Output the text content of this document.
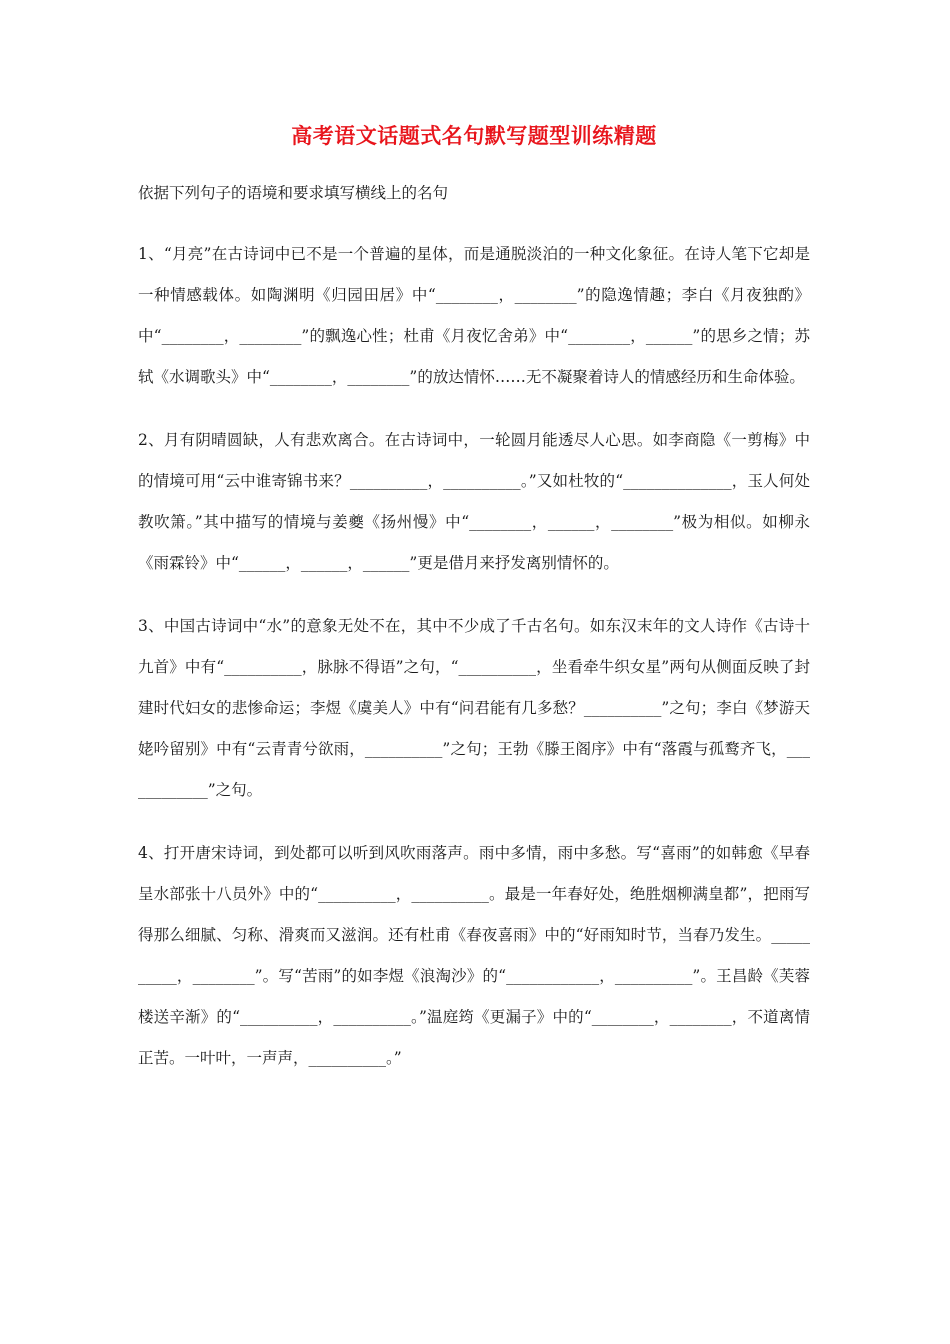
高考语文话题式名句默写题型训练精题
依据下列句子的语境和要求填写横线上的名句
1、“月亮”在古诗词中已不是一个普遍的星体，而是通脱淡泊的一种文化象征。在诗人笔下它却是一种情感载体。如陶渊明《归园田居》中“________，________”的隐逸情趣；李白《月夜独酌》中“________，________”的飘逸心性；杜甫《月夜忆舍弟》中“________，______”的思乡之情；苏轼《水调歌头》中“________，________”的放达情怀……无不凝聚着诗人的情感经历和生命体验。
2、月有阴晴圆缺，人有悲欢离合。在古诗词中，一轮圆月能透尽人心思。如李商隐《一剪梅》中的情境可用“云中谁寄锦书来？__________，__________。”又如杜牧的“______________，玉人何处教吹箫。”其中描写的情境与姜夔《扬州慢》中“________，______，________”极为相似。如柳永《雨霖铃》中“______，______，______”更是借月来抒发离别情怀的。
3、中国古诗词中“水”的意象无处不在，其中不少成了千古名句。如东汉末年的文人诗作《古诗十九首》中有“__________，脉脉不得语”之句，“__________，坐看牵牛织女星”两句从侧面反映了封建时代妇女的悲惨命运；李煜《虞美人》中有“问君能有几多愁？__________”之句；李白《梦游天姥吟留别》中有“云青青兮欲雨，__________”之句；王勃《滕王阁序》中有“落霞与孤鹜齐飞，____________”之句。
4、打开唐宋诗词，到处都可以听到风吹雨落声。雨中多情，雨中多愁。写“喜雨”的如韩愈《早春呈水部张十八员外》中的“__________，__________。最是一年春好处，绝胜烟柳满皇都”，把雨写得那么细腻、匀称、滑爽而又滋润。还有杜甫《春夜喜雨》中的“好雨知时节，当春乃发生。__________，________”。写“苦雨”的如李煜《浪淘沙》的“____________，__________”。王昌龄《芙蓉楼送辛渐》的“__________，__________。”温庭筠《更漏子》中的“________，________，不道离情正苦。一叶叶，一声声，__________。”
